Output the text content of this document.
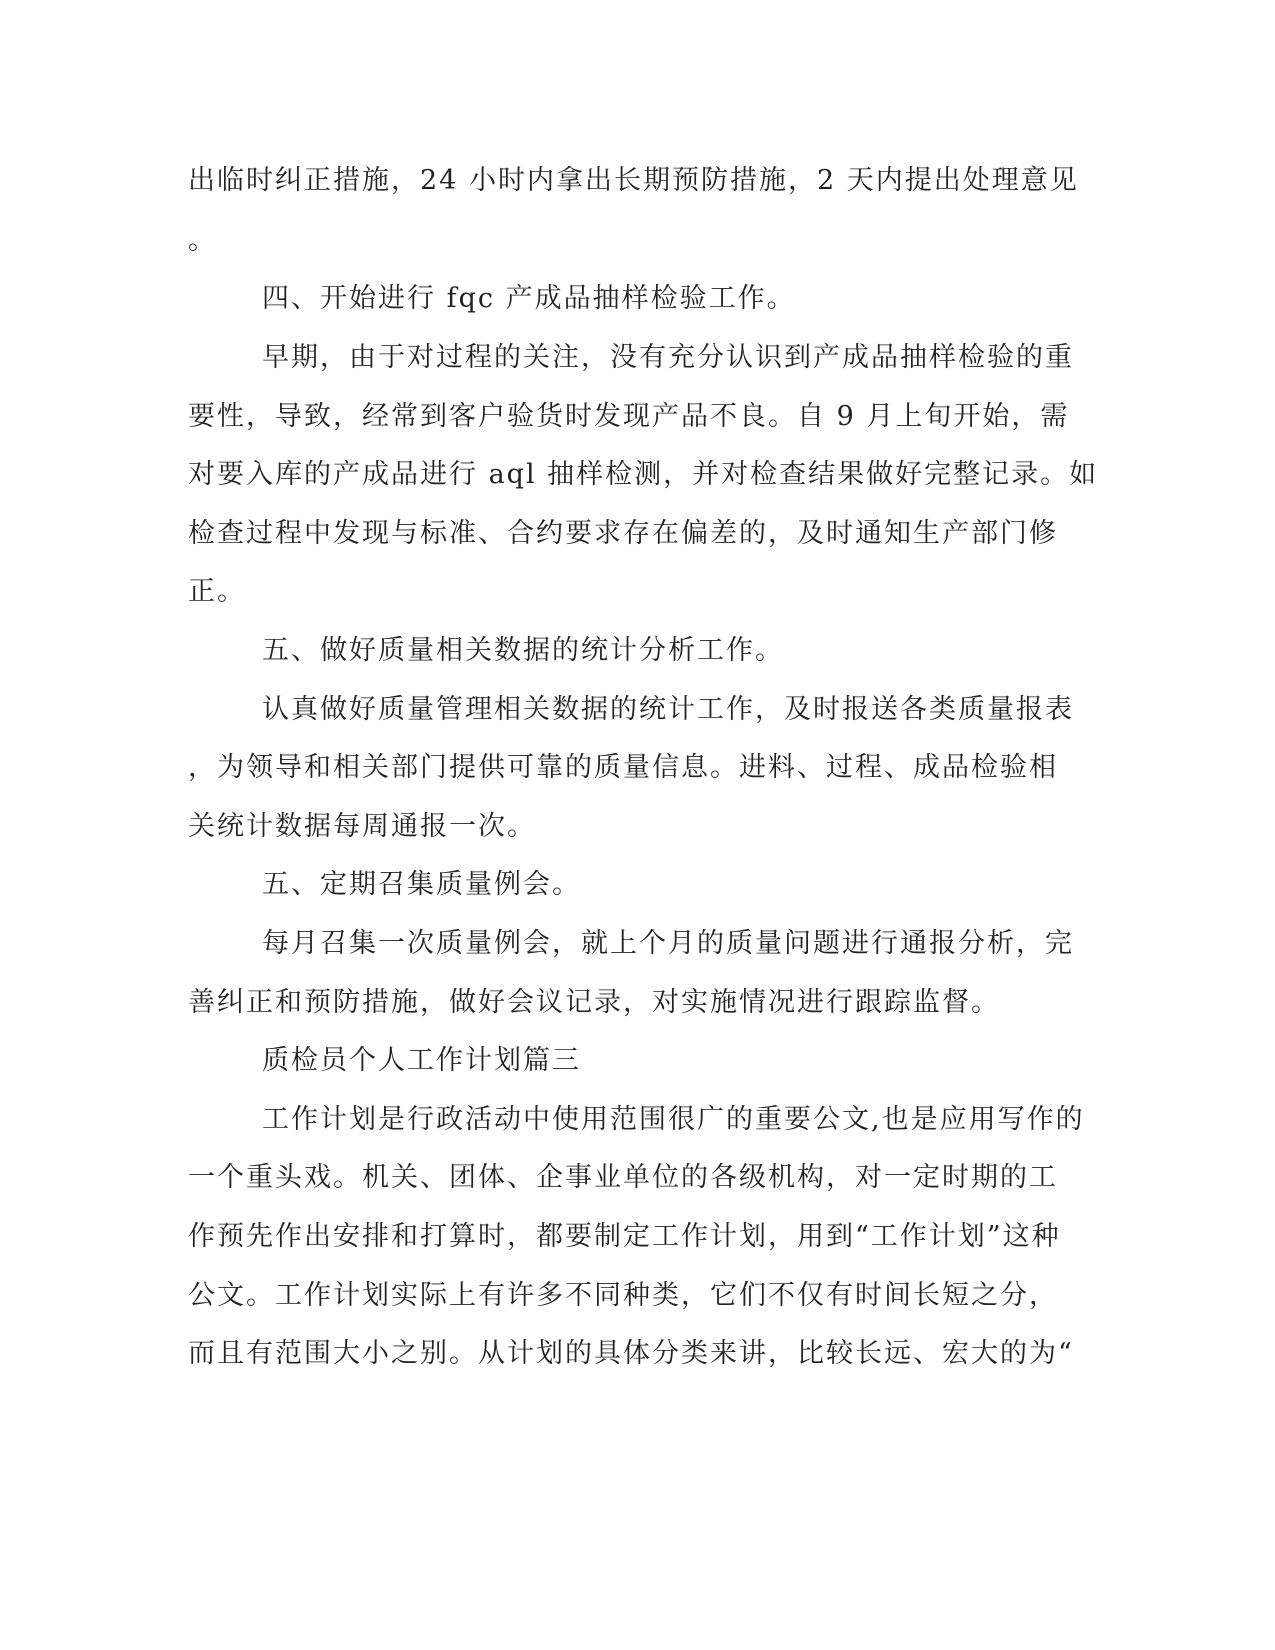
出临时纠正措施，24 小时内拿出长期预防措施，2 天内提出处理意见
。
四、开始进行 fqc 产成品抽样检验工作。
早期，由于对过程的关注，没有充分认识到产成品抽样检验的重
要性，导致，经常到客户验货时发现产品不良。自 9 月上旬开始，需
对要入库的产成品进行 aql 抽样检测，并对检查结果做好完整记录。如
检查过程中发现与标准、合约要求存在偏差的，及时通知生产部门修
正。
五、做好质量相关数据的统计分析工作。
认真做好质量管理相关数据的统计工作，及时报送各类质量报表
，为领导和相关部门提供可靠的质量信息。进料、过程、成品检验相
关统计数据每周通报一次。
五、定期召集质量例会。
每月召集一次质量例会，就上个月的质量问题进行通报分析，完
善纠正和预防措施，做好会议记录，对实施情况进行跟踪监督。
质检员个人工作计划篇三
工作计划是行政活动中使用范围很广的重要公文,也是应用写作的
一个重头戏。机关、团体、企事业单位的各级机构，对一定时期的工
作预先作出安排和打算时，都要制定工作计划，用到“工作计划”这种
公文。工作计划实际上有许多不同种类，它们不仅有时间长短之分，
而且有范围大小之别。从计划的具体分类来讲，比较长远、宏大的为“
